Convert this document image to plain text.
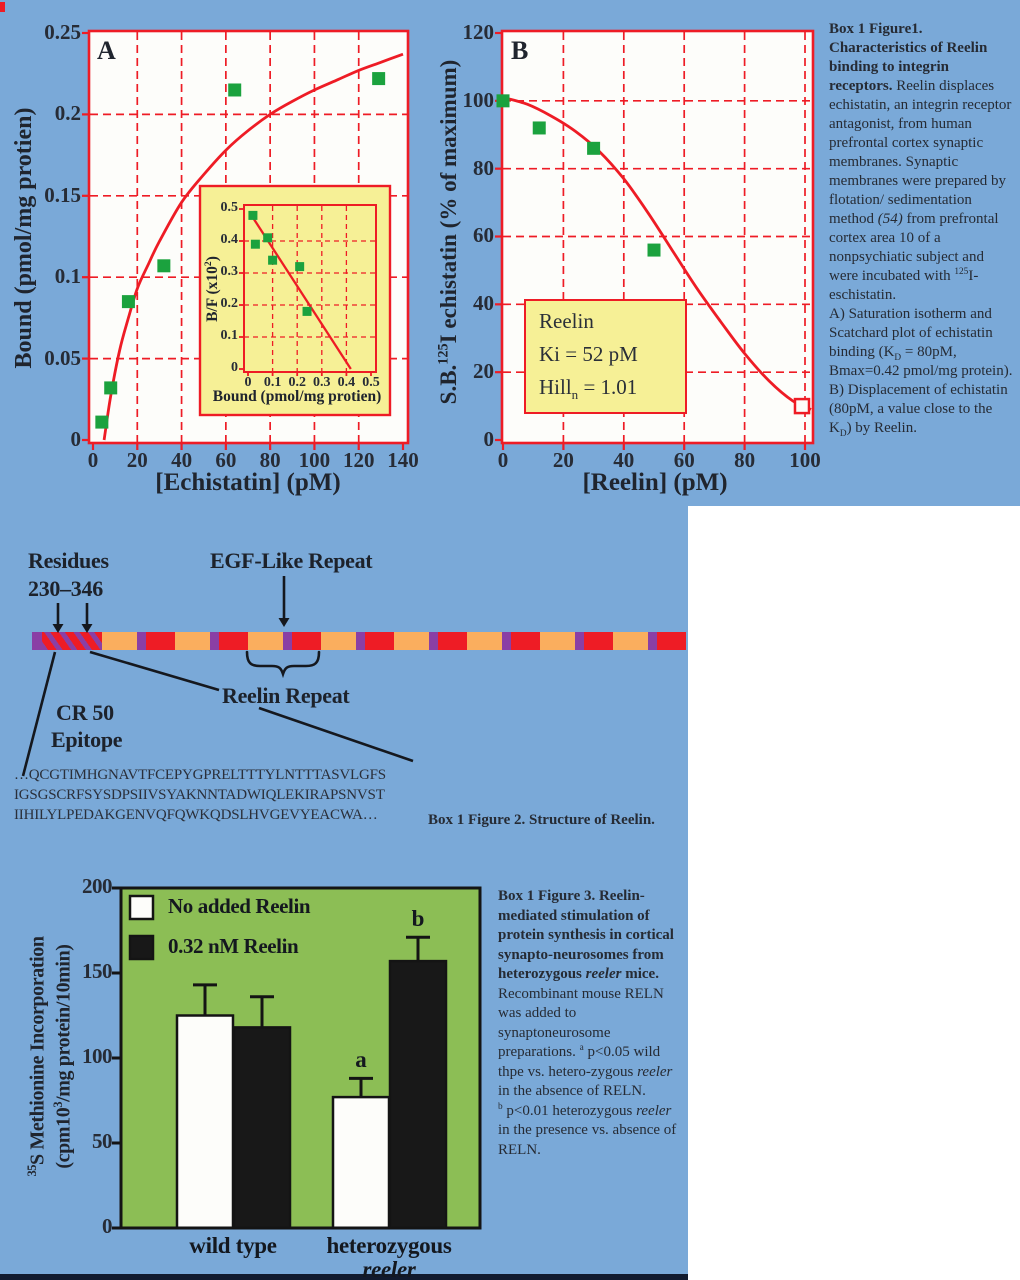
A
Bound (pmol/mg protien)
[Echistatin] (pM)
B/F $(x10^2)$
Bound (pmol/mg protien)
B
S.B.$^{125}$I echistatin (% of maximum)
[Reelin] (pM)
Reelin
Ki = 52 pM
Hill$_n$ = 1.01
Box 1 Figure1. Characteristics of Reelin binding to integrin receptors. Reelin displaces echistatin, an integrin receptor antagonist, from human prefrontal cortex synaptic membranes. Synaptic membranes were prepared by flotation/ sedimentation method (54) from prefrontal cortex area 10 of a nonpsychiatic subject and were incubated with $^{125}$I-eschistatin.
A) Saturation isotherm and Scatchard plot of echistatin binding ($K_D = 80pM$, Bmax=0.42 pmol/mg protein). B) Displacement of echistatin (80pM, a value close to the $K_D$) by Reelin.
Residues
230–346
EGF-Like Repeat
CR 50
Epitope
Reelin Repeat
…QCGTIMHGNAVTFCEPYGPRELTTTYLNTTTASVLGFS
IGSGSCRFSYSDPSIIVSYAKNNTADWIQLEKIRAPSNVST
IIHILYLPEDAKGENVQFQWKQDSLHVGEVYEACWA…	Box 1 Figure 2. Structure of Reelin.
$^{35}$S Methionine Incorporation ($cpm10^3/mg$ protein/10min)
wild type	heterozygous
reeler
Box 1 Figure 3. Reelin-mediated stimulation of protein synthesis in cortical synapto-neurosomes from heterozygous reeler mice. Recombinant mouse RELN was added to synaptoneurosome preparations. $^a$ p<0.05 wild thpe vs. hetero-zygous reeler in the absence of RELN.
$^b$ p<0.01 heterozygous reeler in the presence vs. absence of RELN.
0	20	40	60	80 100 120 140
0
0.05
0.1
0.15
0.2
0.25
0	20	40	60	80	100
0
20
40
60
80
100
120
0 0.1 0.2 0.3 0.4 0.5
0
0.1
0.2
0.3
0.4
0.5
0
50
100
150
200
No added Reelin
0.32 nM Reelin
a
b
